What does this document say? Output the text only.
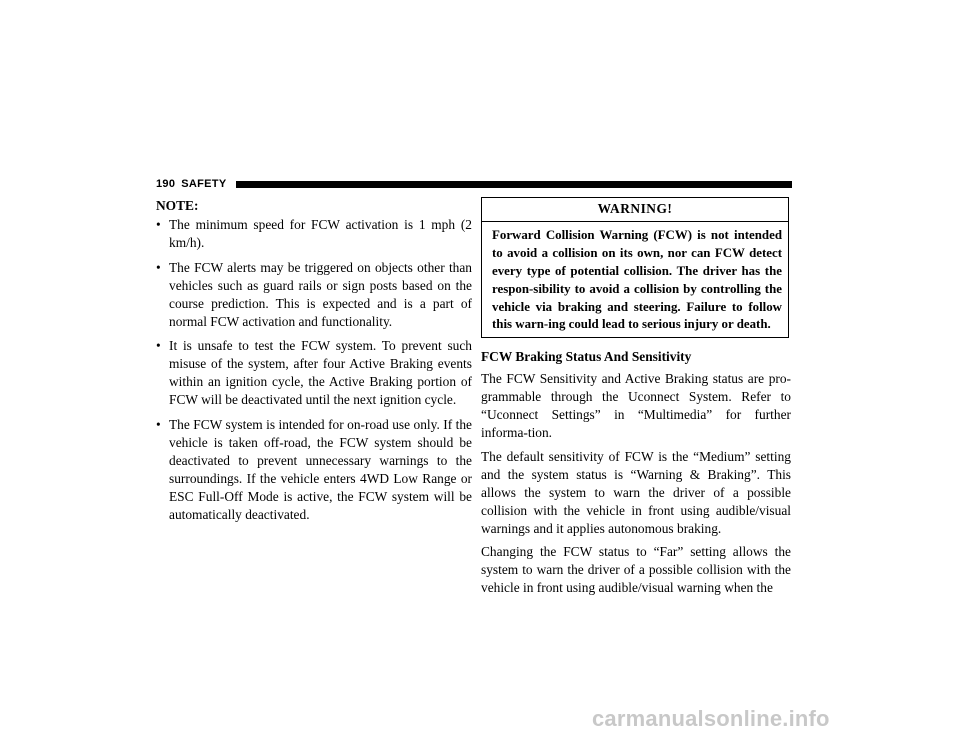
190 SAFETY
NOTE:
• The minimum speed for FCW activation is 1 mph (2 km/h).
• The FCW alerts may be triggered on objects other than vehicles such as guard rails or sign posts based on the course prediction. This is expected and is a part of normal FCW activation and functionality.
• It is unsafe to test the FCW system. To prevent such misuse of the system, after four Active Braking events within an ignition cycle, the Active Braking portion of FCW will be deactivated until the next ignition cycle.
• The FCW system is intended for on-road use only. If the vehicle is taken off-road, the FCW system should be deactivated to prevent unnecessary warnings to the surroundings. If the vehicle enters 4WD Low Range or ESC Full-Off Mode is active, the FCW system will be automatically deactivated.
WARNING!
Forward Collision Warning (FCW) is not intended to avoid a collision on its own, nor can FCW detect every type of potential collision. The driver has the respon-sibility to avoid a collision by controlling the vehicle via braking and steering. Failure to follow this warn-ing could lead to serious injury or death.
FCW Braking Status And Sensitivity

The FCW Sensitivity and Active Braking status are pro-grammable through the Uconnect System. Refer to “Uconnect Settings” in “Multimedia” for further informa-tion.

The default sensitivity of FCW is the “Medium” setting and the system status is “Warning & Braking”. This allows the system to warn the driver of a possible collision with the vehicle in front using audible/visual warnings and it applies autonomous braking.

Changing the FCW status to “Far” setting allows the system to warn the driver of a possible collision with the vehicle in front using audible/visual warning when the

carmanualsonline.info
